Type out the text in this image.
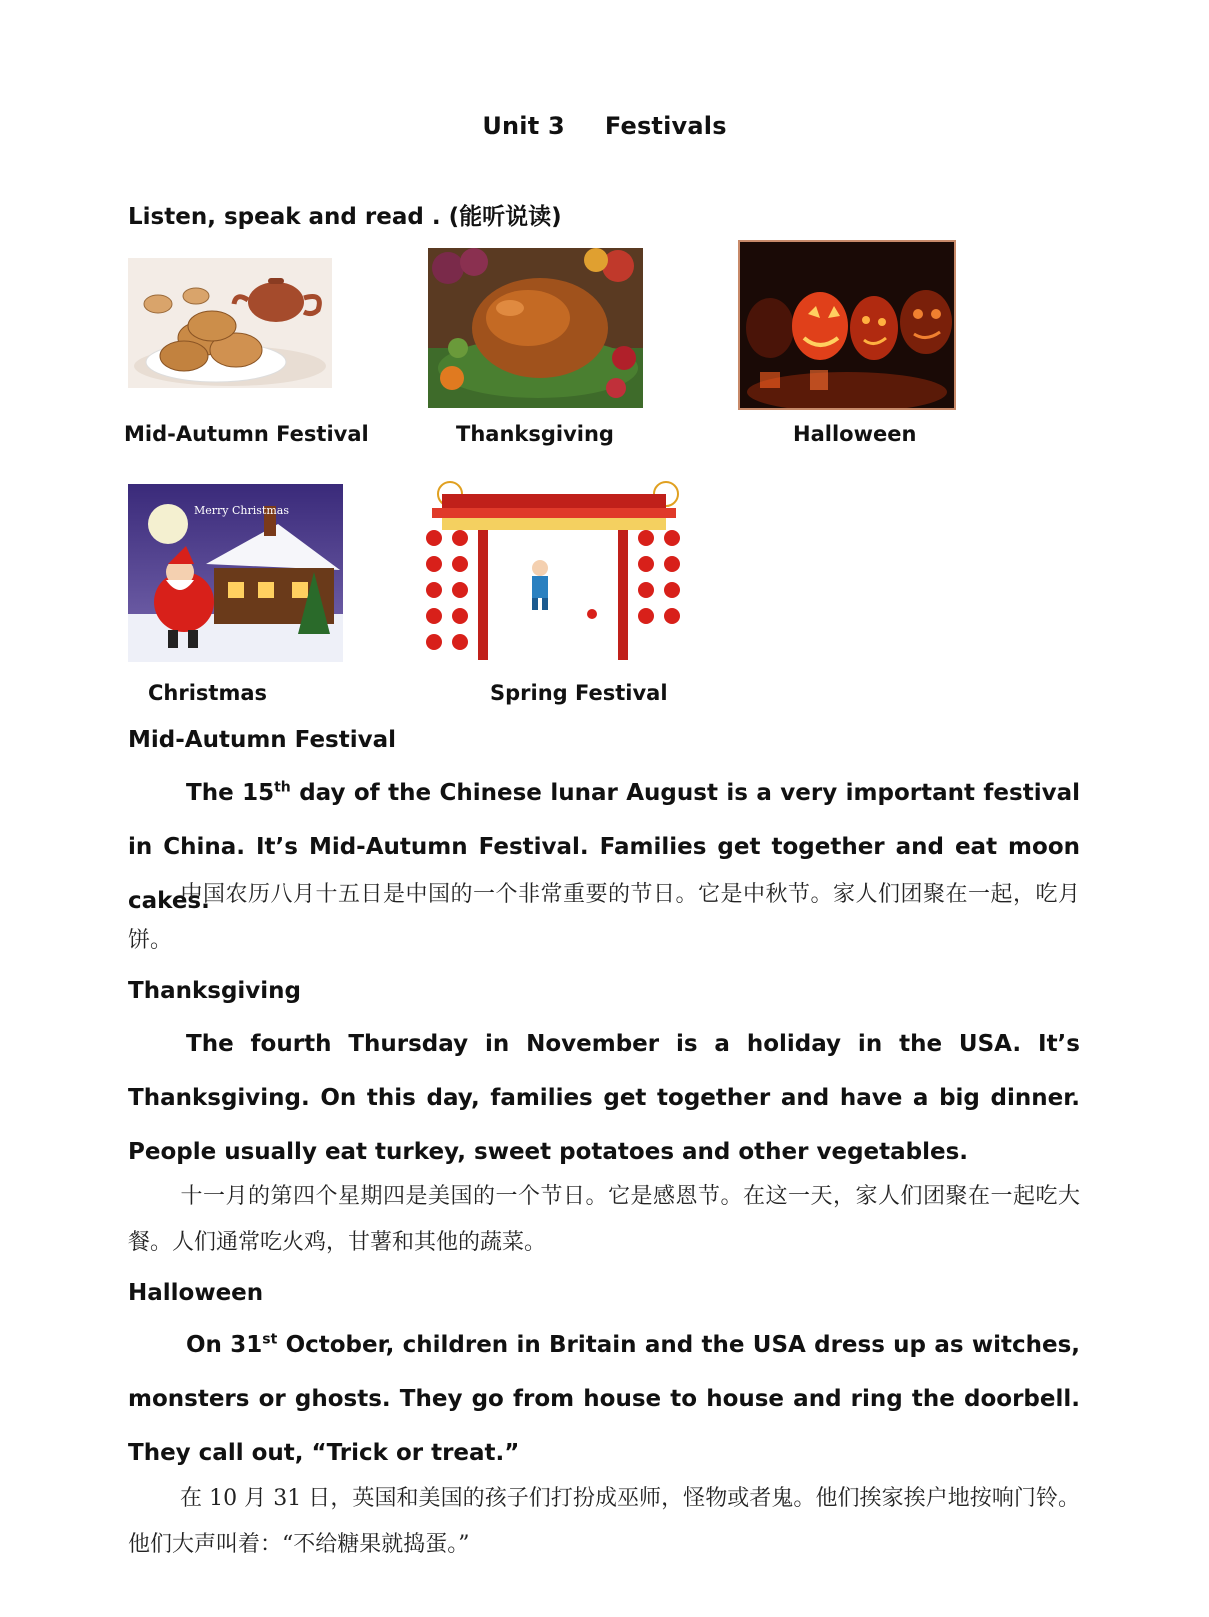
Unit 3 Festivals
Listen, speak and read . (能听说读)
Mid-Autumn Festival	Thanksgiving	Halloween
Merry Christmas
Christmas	Spring Festival
Mid-Autumn Festival
The 15th day of the Chinese lunar August is a very important festival in China. It’s Mid-Autumn Festival. Families get together and eat moon cakes.
中国农历八月十五日是中国的一个非常重要的节日。它是中秋节。家人们团聚在一起，吃月饼。
Thanksgiving
The fourth Thursday in November is a holiday in the USA. It’s Thanksgiving. On this day, families get together and have a big dinner. People usually eat turkey, sweet potatoes and other vegetables.
十一月的第四个星期四是美国的一个节日。它是感恩节。在这一天，家人们团聚在一起吃大餐。人们通常吃火鸡，甘薯和其他的蔬菜。
Halloween
On 31st October, children in Britain and the USA dress up as witches, monsters or ghosts. They go from house to house and ring the doorbell. They call out, “Trick or treat.”
在 10 月 31 日，英国和美国的孩子们打扮成巫师，怪物或者鬼。他们挨家挨户地按响门铃。他们大声叫着：“不给糖果就捣蛋。”
